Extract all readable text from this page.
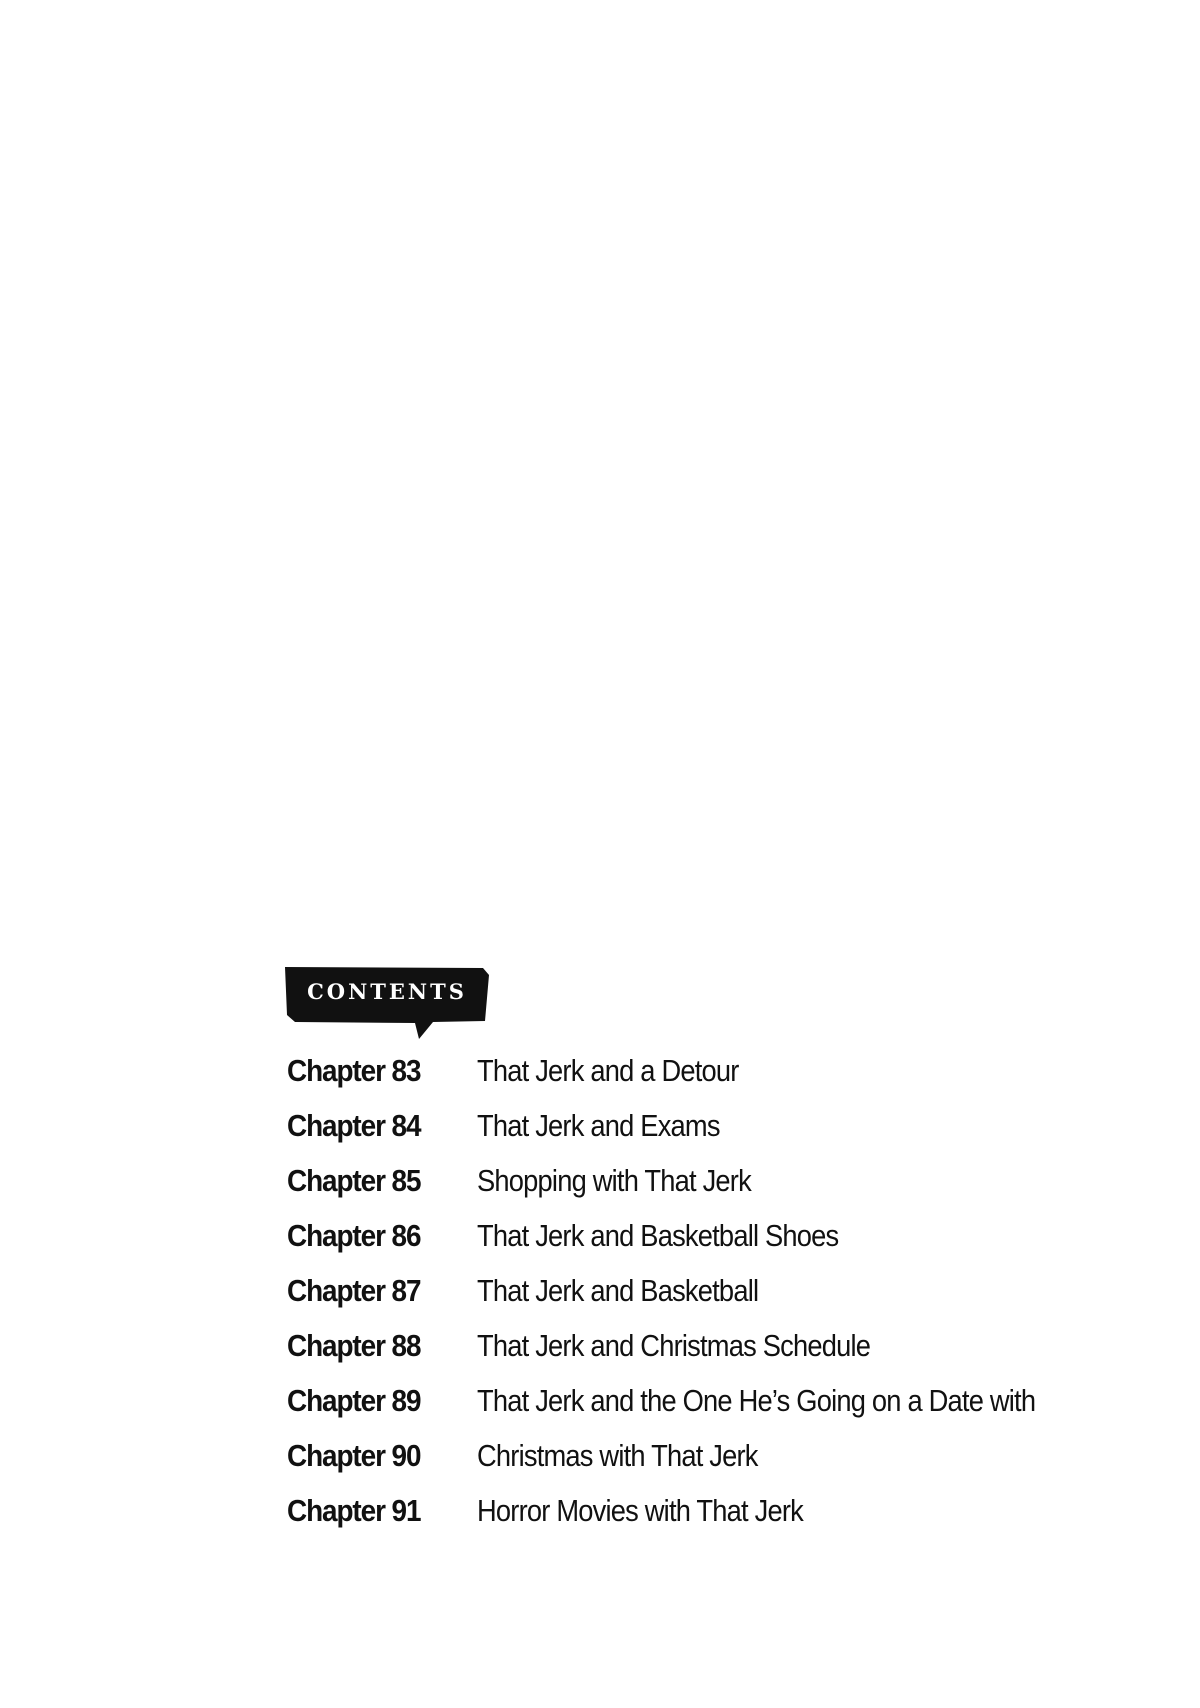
CONTENTS
Chapter 83	That Jerk and a Detour
Chapter 84	That Jerk and Exams
Chapter 85	Shopping with That Jerk
Chapter 86	That Jerk and Basketball Shoes
Chapter 87	That Jerk and Basketball
Chapter 88	That Jerk and Christmas Schedule
Chapter 89	That Jerk and the One He’s Going on a Date with
Chapter 90	Christmas with That Jerk
Chapter 91	Horror Movies with That Jerk
